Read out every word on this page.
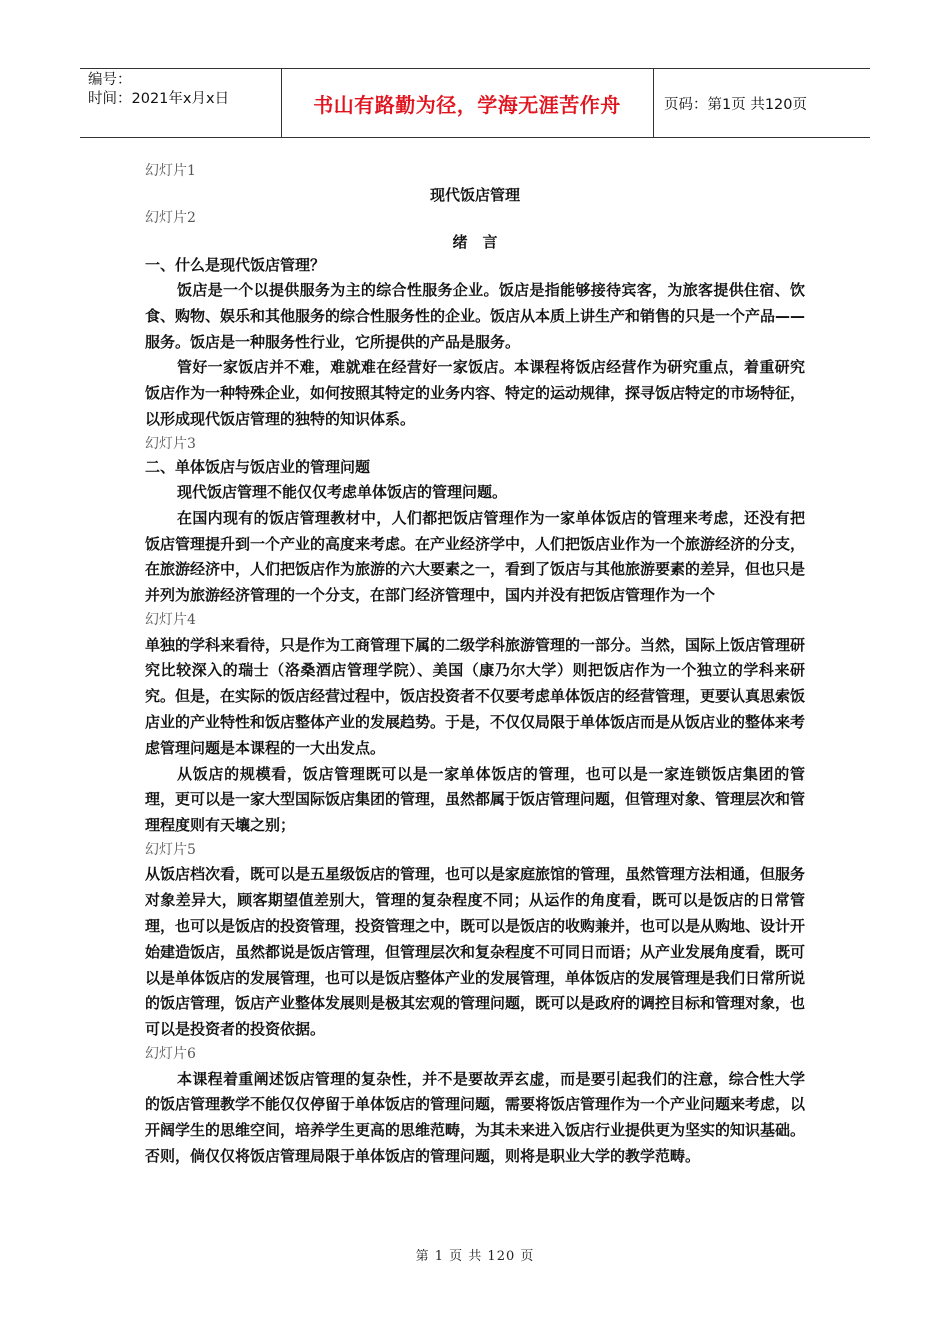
编号：
时间：2021年x月x日	书山有路勤为径，学海无涯苦作舟	页码：第1页 共120页
幻灯片1
现代饭店管理
幻灯片2
绪　言
一、什么是现代饭店管理？
饭店是一个以提供服务为主的综合性服务企业。饭店是指能够接待宾客，为旅客提供住宿、饮食、购物、娱乐和其他服务的综合性服务性的企业。饭店从本质上讲生产和销售的只是一个产品——服务。饭店是一种服务性行业，它所提供的产品是服务。
管好一家饭店并不难，难就难在经营好一家饭店。本课程将饭店经营作为研究重点，着重研究饭店作为一种特殊企业，如何按照其特定的业务内容、特定的运动规律，探寻饭店特定的市场特征，以形成现代饭店管理的独特的知识体系。
幻灯片3
二、单体饭店与饭店业的管理问题
现代饭店管理不能仅仅考虑单体饭店的管理问题。
在国内现有的饭店管理教材中，人们都把饭店管理作为一家单体饭店的管理来考虑，还没有把饭店管理提升到一个产业的高度来考虑。在产业经济学中，人们把饭店业作为一个旅游经济的分支，在旅游经济中，人们把饭店作为旅游的六大要素之一，看到了饭店与其他旅游要素的差异，但也只是并列为旅游经济管理的一个分支，在部门经济管理中，国内并没有把饭店管理作为一个
幻灯片4
单独的学科来看待，只是作为工商管理下属的二级学科旅游管理的一部分。当然，国际上饭店管理研究比较深入的瑞士（洛桑酒店管理学院）、美国（康乃尔大学）则把饭店作为一个独立的学科来研究。但是，在实际的饭店经营过程中，饭店投资者不仅要考虑单体饭店的经营管理，更要认真思索饭店业的产业特性和饭店整体产业的发展趋势。于是，不仅仅局限于单体饭店而是从饭店业的整体来考虑管理问题是本课程的一大出发点。
从饭店的规模看，饭店管理既可以是一家单体饭店的管理，也可以是一家连锁饭店集团的管理，更可以是一家大型国际饭店集团的管理，虽然都属于饭店管理问题，但管理对象、管理层次和管理程度则有天壤之别；
幻灯片5
从饭店档次看，既可以是五星级饭店的管理，也可以是家庭旅馆的管理，虽然管理方法相通，但服务对象差异大，顾客期望值差别大，管理的复杂程度不同；从运作的角度看，既可以是饭店的日常管理，也可以是饭店的投资管理，投资管理之中，既可以是饭店的收购兼并，也可以是从购地、设计开始建造饭店，虽然都说是饭店管理，但管理层次和复杂程度不可同日而语；从产业发展角度看，既可以是单体饭店的发展管理，也可以是饭店整体产业的发展管理，单体饭店的发展管理是我们日常所说的饭店管理，饭店产业整体发展则是极其宏观的管理问题，既可以是政府的调控目标和管理对象，也可以是投资者的投资依据。
幻灯片6
本课程着重阐述饭店管理的复杂性，并不是要故弄玄虚，而是要引起我们的注意，综合性大学的饭店管理教学不能仅仅停留于单体饭店的管理问题，需要将饭店管理作为一个产业问题来考虑，以开阔学生的思维空间，培养学生更高的思维范畴，为其未来进入饭店行业提供更为坚实的知识基础。否则，倘仅仅将饭店管理局限于单体饭店的管理问题，则将是职业大学的教学范畴。
第 1 页 共 120 页
